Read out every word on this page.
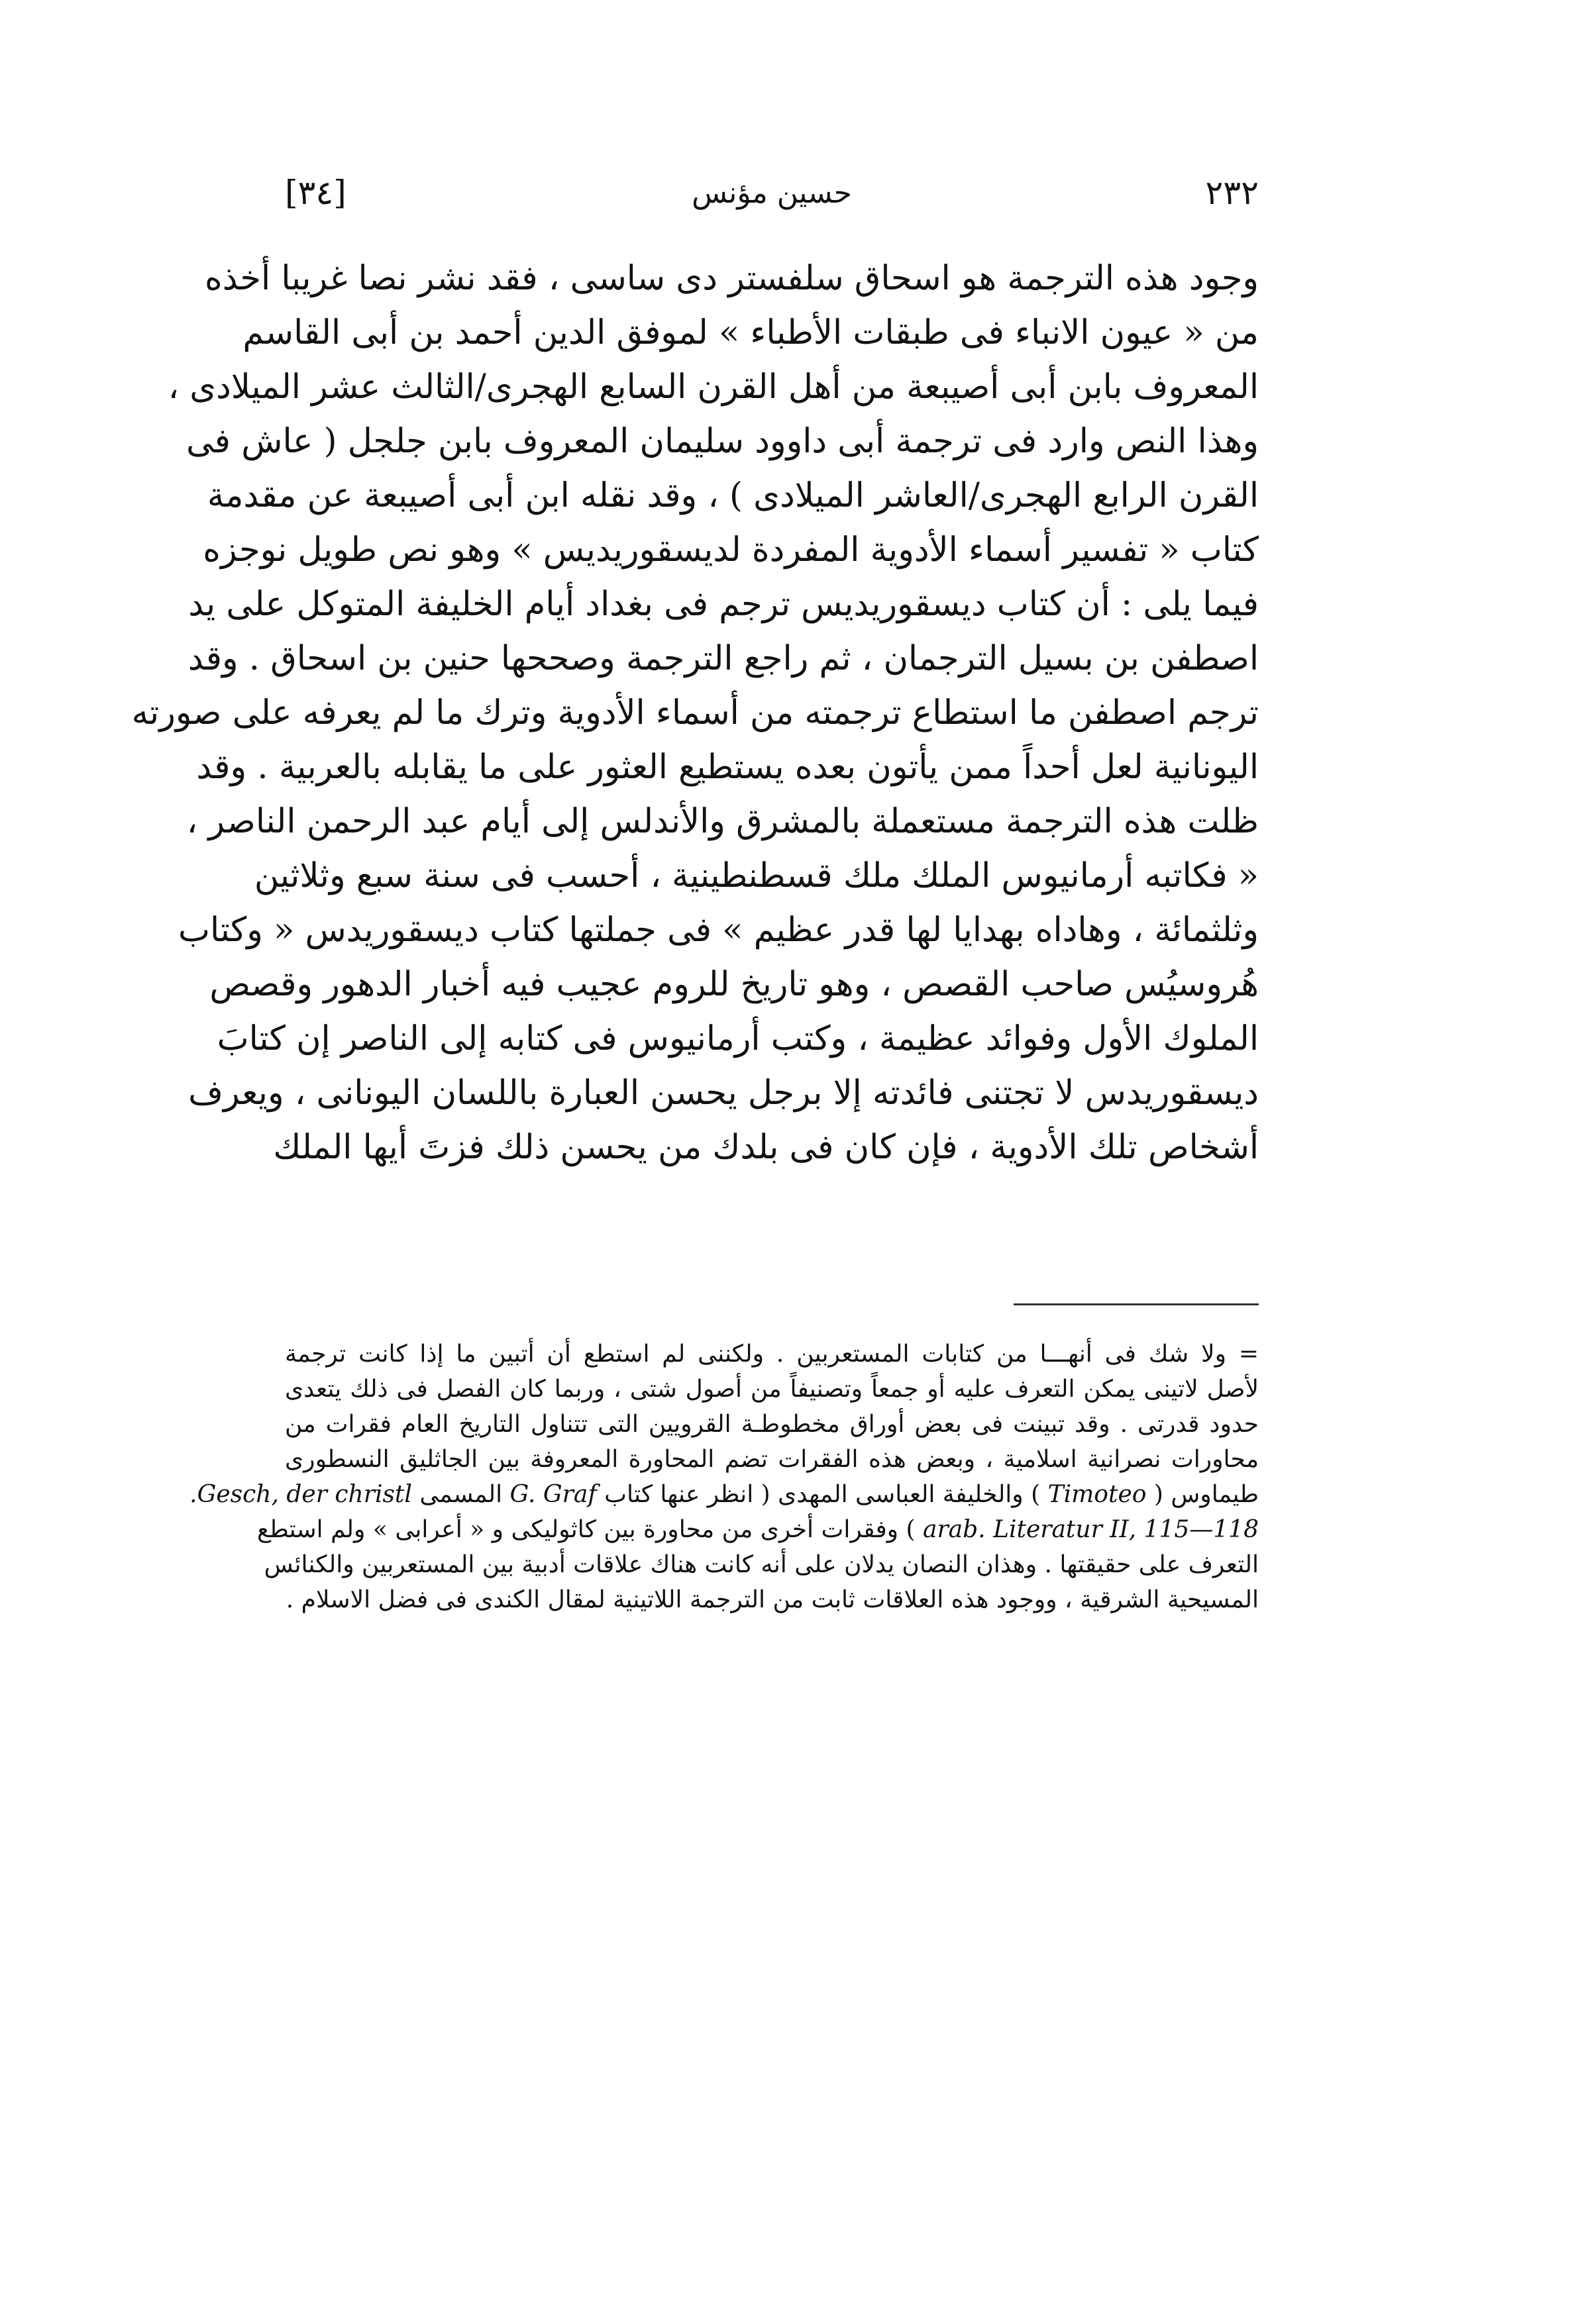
٢٣٢
حسين مؤنس
[٣٤]
وجود هذه الترجمة هو اسحاق سلفستر دى ساسى ، فقد نشر نصا غريبا أخذه
من « عيون الانباء فى طبقات الأطباء » لموفق الدين أحمد بن أبى القاسم
المعروف بابن أبى أصيبعة من أهل القرن السابع الهجرى/الثالث عشر الميلادى ،
وهذا النص وارد فى ترجمة أبى داوود سليمان المعروف بابن جلجل ( عاش فى
القرن الرابع الهجرى/العاشر الميلادى ) ، وقد نقله ابن أبى أصيبعة عن مقدمة
كتاب « تفسير أسماء الأدوية المفردة لديسقوريديس » وهو نص طويل نوجزه
فيما يلى : أن كتاب ديسقوريديس ترجم فى بغداد أيام الخليفة المتوكل على يد
اصطفن بن بسيل الترجمان ، ثم راجع الترجمة وصححها حنين بن اسحاق . وقد
ترجم اصطفن ما استطاع ترجمته من أسماء الأدوية وترك ما لم يعرفه على صورته
اليونانية لعل أحداً ممن يأتون بعده يستطيع العثور على ما يقابله بالعربية . وقد
ظلت هذه الترجمة مستعملة بالمشرق والأندلس إلى أيام عبد الرحمن الناصر ،
« فكاتبه أرمانيوس الملك ملك قسطنطينية ، أحسب فى سنة سبع وثلاثين
وثلثمائة ، وهاداه بهدايا لها قدر عظيم » فى جملتها كتاب ديسقوريدس « وكتاب
هُروسيُس صاحب القصص ، وهو تاريخ للروم عجيب فيه أخبار الدهور وقصص
الملوك الأول وفوائد عظيمة ، وكتب أرمانيوس فى كتابه إلى الناصر إن كتابَ
ديسقوريدس لا تجتنى فائدته إلا برجل يحسن العبارة باللسان اليونانى ، ويعرف
أشخاص تلك الأدوية ، فإن كان فى بلدك من يحسن ذلك فزتَ أيها الملك
= ولا شك فى أنهـــا من كتابات المستعربين . ولكننى لم استطع أن أتبين ما إذا كانت ترجمة
لأصل لاتينى يمكن التعرف عليه أو جمعاً وتصنيفاً من أصول شتى ، وربما كان الفصل فى ذلك يتعدى
حدود قدرتى . وقد تبينت فى بعض أوراق مخطوطـة القرويين التى تتناول التاريخ العام فقرات من
محاورات نصرانية اسلامية ، وبعض هذه الفقرات تضم المحاورة المعروفة بين الجاثليق النسطورى
طيماوس ( Timoteo ) والخليفة العباسى المهدى ( انظر عنها كتاب G. Graf المسمى Gesch, der christl.
arab. Literatur II, 115—118 ) وفقرات أخرى من محاورة بين كاثوليكى و « أعرابى » ولم استطع
التعرف على حقيقتها . وهذان النصان يدلان على أنه كانت هناك علاقات أدبية بين المستعربين والكنائس
المسيحية الشرقية ، ووجود هذه العلاقات ثابت من الترجمة اللاتينية لمقال الكندى فى فضل الاسلام .
